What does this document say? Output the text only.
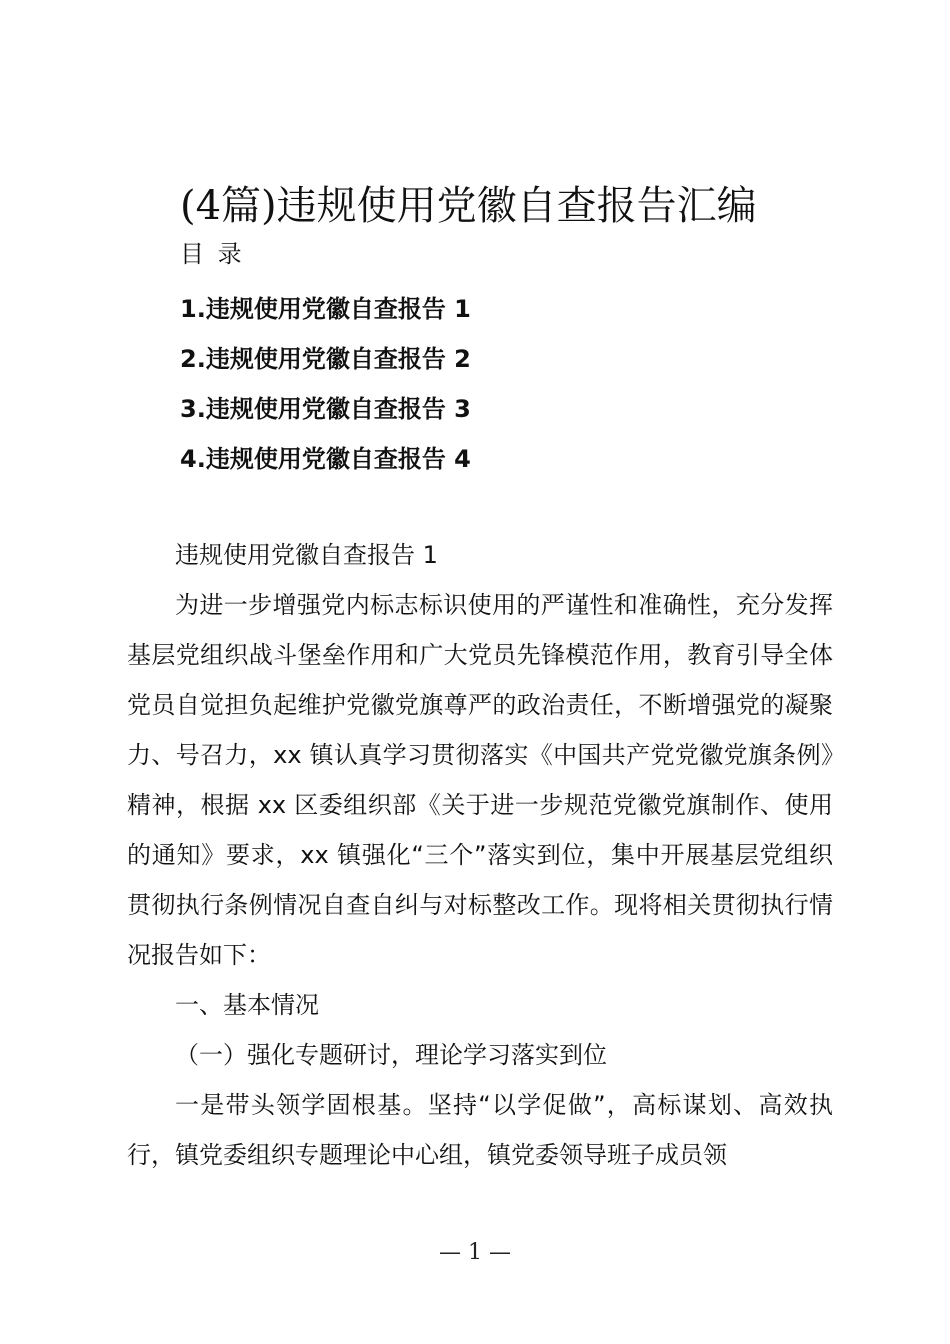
(4篇)违规使用党徽自查报告汇编
目 录
1.违规使用党徽自查报告 1
2.违规使用党徽自查报告 2
3.违规使用党徽自查报告 3
4.违规使用党徽自查报告 4

违规使用党徽自查报告 1

为进一步增强党内标志标识使用的严谨性和准确性，充分发挥基层党组织战斗堡垒作用和广大党员先锋模范作用，教育引导全体党员自觉担负起维护党徽党旗尊严的政治责任，不断增强党的凝聚力、号召力，xx 镇认真学习贯彻落实《中国共产党党徽党旗条例》精神，根据 xx 区委组织部《关于进一步规范党徽党旗制作、使用的通知》要求，xx 镇强化“三个”落实到位，集中开展基层党组织贯彻执行条例情况自查自纠与对标整改工作。现将相关贯彻执行情况报告如下：

一、基本情况

（一）强化专题研讨，理论学习落实到位

一是带头领学固根基。坚持“以学促做”，高标谋划、高效执行，镇党委组织专题理论中心组，镇党委领导班子成员领

— 1 —
